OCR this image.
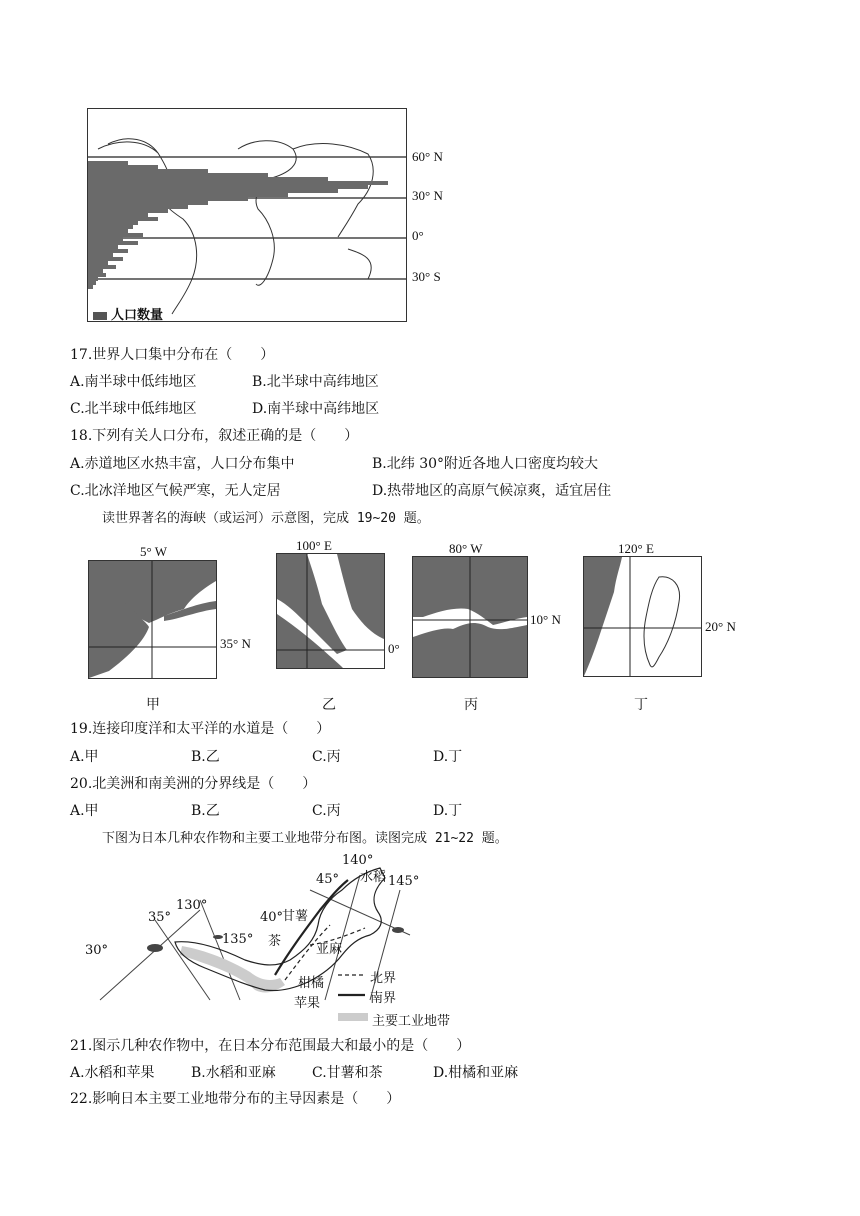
人口数量
60° N
30° N
0°
30° S
17.世界人口集中分布在（　　）
A.南半球中低纬地区	B.北半球中高纬地区
C.北半球中低纬地区	D.南半球中高纬地区
18.下列有关人口分布，叙述正确的是（　　）
A.赤道地区水热丰富，人口分布集中	B.北纬 30°附近各地人口密度均较大
C.北冰洋地区气候严寒，无人定居	D.热带地区的高原气候凉爽，适宜居住
读世界著名的海峡（或运河）示意图，完成 19~20 题。
5° W
35° N
甲
100° E
0°
乙
80° W
10° N
丙
120° E
20° N
丁
19.连接印度洋和太平洋的水道是（　　）
A.甲	B.乙	C.丙	D.丁
20.北美洲和南美洲的分界线是（　　）
A.甲	B.乙	C.丙	D.丁
下图为日本几种农作物和主要工业地带分布图。读图完成 21~22 题。
140°
45° 水稻 145°
130°
35°	40°
甘薯
茶
135°
亚麻
30°
柑橘
苹果
北界
南界
主要工业地带
21.图示几种农作物中，在日本分布范围最大和最小的是（　　）
A.水稻和苹果	B.水稻和亚麻	C.甘薯和茶	D.柑橘和亚麻
22.影响日本主要工业地带分布的主导因素是（　　）
